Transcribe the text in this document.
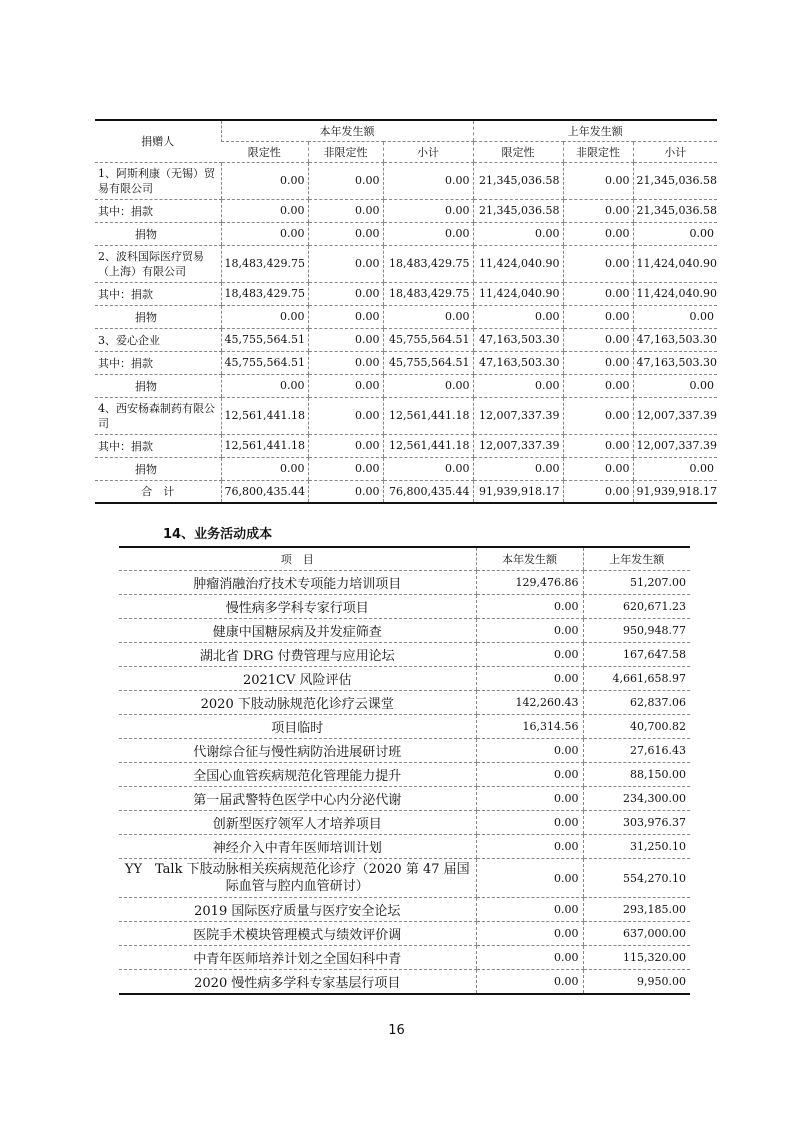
捐赠人	本年发生额			上年发生额		
	限定性	非限定性	小计	限定性	非限定性	小计
1、阿斯利康（无锡）贸易有限公司	0.00	0.00	0.00	21,345,036.58	0.00	21,345,036.58
其中：捐款	0.00	0.00	0.00	21,345,036.58	0.00	21,345,036.58
捐物	0.00	0.00	0.00	0.00	0.00	0.00
2、波科国际医疗贸易（上海）有限公司	18,483,429.75	0.00	18,483,429.75	11,424,040.90	0.00	11,424,040.90
其中：捐款	18,483,429.75	0.00	18,483,429.75	11,424,040.90	0.00	11,424,040.90
捐物	0.00	0.00	0.00	0.00	0.00	0.00
3、爱心企业	45,755,564.51	0.00	45,755,564.51	47,163,503.30	0.00	47,163,503.30
其中：捐款	45,755,564.51	0.00	45,755,564.51	47,163,503.30	0.00	47,163,503.30
捐物	0.00	0.00	0.00	0.00	0.00	0.00
4、西安杨森制药有限公司	12,561,441.18	0.00	12,561,441.18	12,007,337.39	0.00	12,007,337.39
其中：捐款	12,561,441.18	0.00	12,561,441.18	12,007,337.39	0.00	12,007,337.39
捐物	0.00	0.00	0.00	0.00	0.00	0.00
合　计	76,800,435.44	0.00	76,800,435.44	91,939,918.17	0.00	91,939,918.17
14、业务活动成本
项　目	本年发生额	上年发生额
肿瘤消融治疗技术专项能力培训项目	129,476.86	51,207.00
慢性病多学科专家行项目	0.00	620,671.23
健康中国糖尿病及并发症筛查	0.00	950,948.77
湖北省 DRG 付费管理与应用论坛	0.00	167,647.58
2021CV 风险评估	0.00	4,661,658.97
2020 下肢动脉规范化诊疗云课堂	142,260.43	62,837.06
项目临时	16,314.56	40,700.82
代谢综合征与慢性病防治进展研讨班	0.00	27,616.43
全国心血管疾病规范化管理能力提升	0.00	88,150.00
第一届武警特色医学中心内分泌代谢	0.00	234,300.00
创新型医疗领军人才培养项目	0.00	303,976.37
神经介入中青年医师培训计划	0.00	31,250.10
YY　Talk 下肢动脉相关疾病规范化诊疗（2020 第 47 届国际血管与腔内血管研讨）	0.00	554,270.10
2019 国际医疗质量与医疗安全论坛	0.00	293,185.00
医院手术模块管理模式与绩效评价调	0.00	637,000.00
中青年医师培养计划之全国妇科中青	0.00	115,320.00
2020 慢性病多学科专家基层行项目	0.00	9,950.00
16
